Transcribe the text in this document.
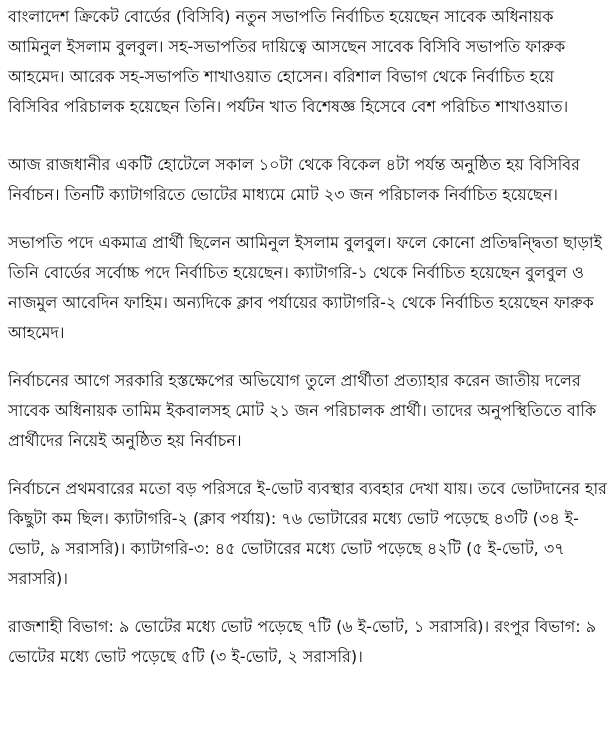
বাংলাদেশ ক্রিকেট বোর্ডের (বিসিবি) নতুন সভাপতি নির্বাচিত হয়েছেন সাবেক অধিনায়ক আমিনুল ইসলাম বুলবুল। সহ-সভাপতির দায়িত্বে আসছেন সাবেক বিসিবি সভাপতি ফারুক আহমেদ। আরেক সহ-সভাপতি শাখাওয়াত হোসেন। বরিশাল বিভাগ থেকে নির্বাচিত হয়ে বিসিবির পরিচালক হয়েছেন তিনি। পর্যটন খাত বিশেষজ্ঞ হিসেবে বেশ পরিচিত শাখাওয়াত।

আজ রাজধানীর একটি হোটেলে সকাল ১০টা থেকে বিকেল ৪টা পর্যন্ত অনুষ্ঠিত হয় বিসিবির নির্বাচন। তিনটি ক্যাটাগরিতে ভোটের মাধ্যমে মোট ২৩ জন পরিচালক নির্বাচিত হয়েছেন।

সভাপতি পদে একমাত্র প্রার্থী ছিলেন আমিনুল ইসলাম বুলবুল। ফলে কোনো প্রতিদ্বন্দ্বিতা ছাড়াই তিনি বোর্ডের সর্বোচ্চ পদে নির্বাচিত হয়েছেন। ক্যাটাগরি-১ থেকে নির্বাচিত হয়েছেন বুলবুল ও নাজমুল আবেদিন ফাহিম। অন্যদিকে ক্লাব পর্যায়ের ক্যাটাগরি-২ থেকে নির্বাচিত হয়েছেন ফারুক আহমেদ।

নির্বাচনের আগে সরকারি হস্তক্ষেপের অভিযোগ তুলে প্রার্থীতা প্রত্যাহার করেন জাতীয় দলের সাবেক অধিনায়ক তামিম ইকবালসহ মোট ২১ জন পরিচালক প্রার্থী। তাদের অনুপস্থিতিতে বাকি প্রার্থীদের নিয়েই অনুষ্ঠিত হয় নির্বাচন।

নির্বাচনে প্রথমবারের মতো বড় পরিসরে ই-ভোট ব্যবস্থার ব্যবহার দেখা যায়। তবে ভোটদানের হার কিছুটা কম ছিল। ক্যাটাগরি-২ (ক্লাব পর্যায়): ৭৬ ভোটারের মধ্যে ভোট পড়েছে ৪৩টি (৩৪ ই-ভোট, ৯ সরাসরি)। ক্যাটাগরি-৩: ৪৫ ভোটারের মধ্যে ভোট পড়েছে ৪২টি (৫ ই-ভোট, ৩৭ সরাসরি)।

রাজশাহী বিভাগ: ৯ ভোটের মধ্যে ভোট পড়েছে ৭টি (৬ ই-ভোট, ১ সরাসরি)। রংপুর বিভাগ: ৯ ভোটের মধ্যে ভোট পড়েছে ৫টি (৩ ই-ভোট, ২ সরাসরি)।
